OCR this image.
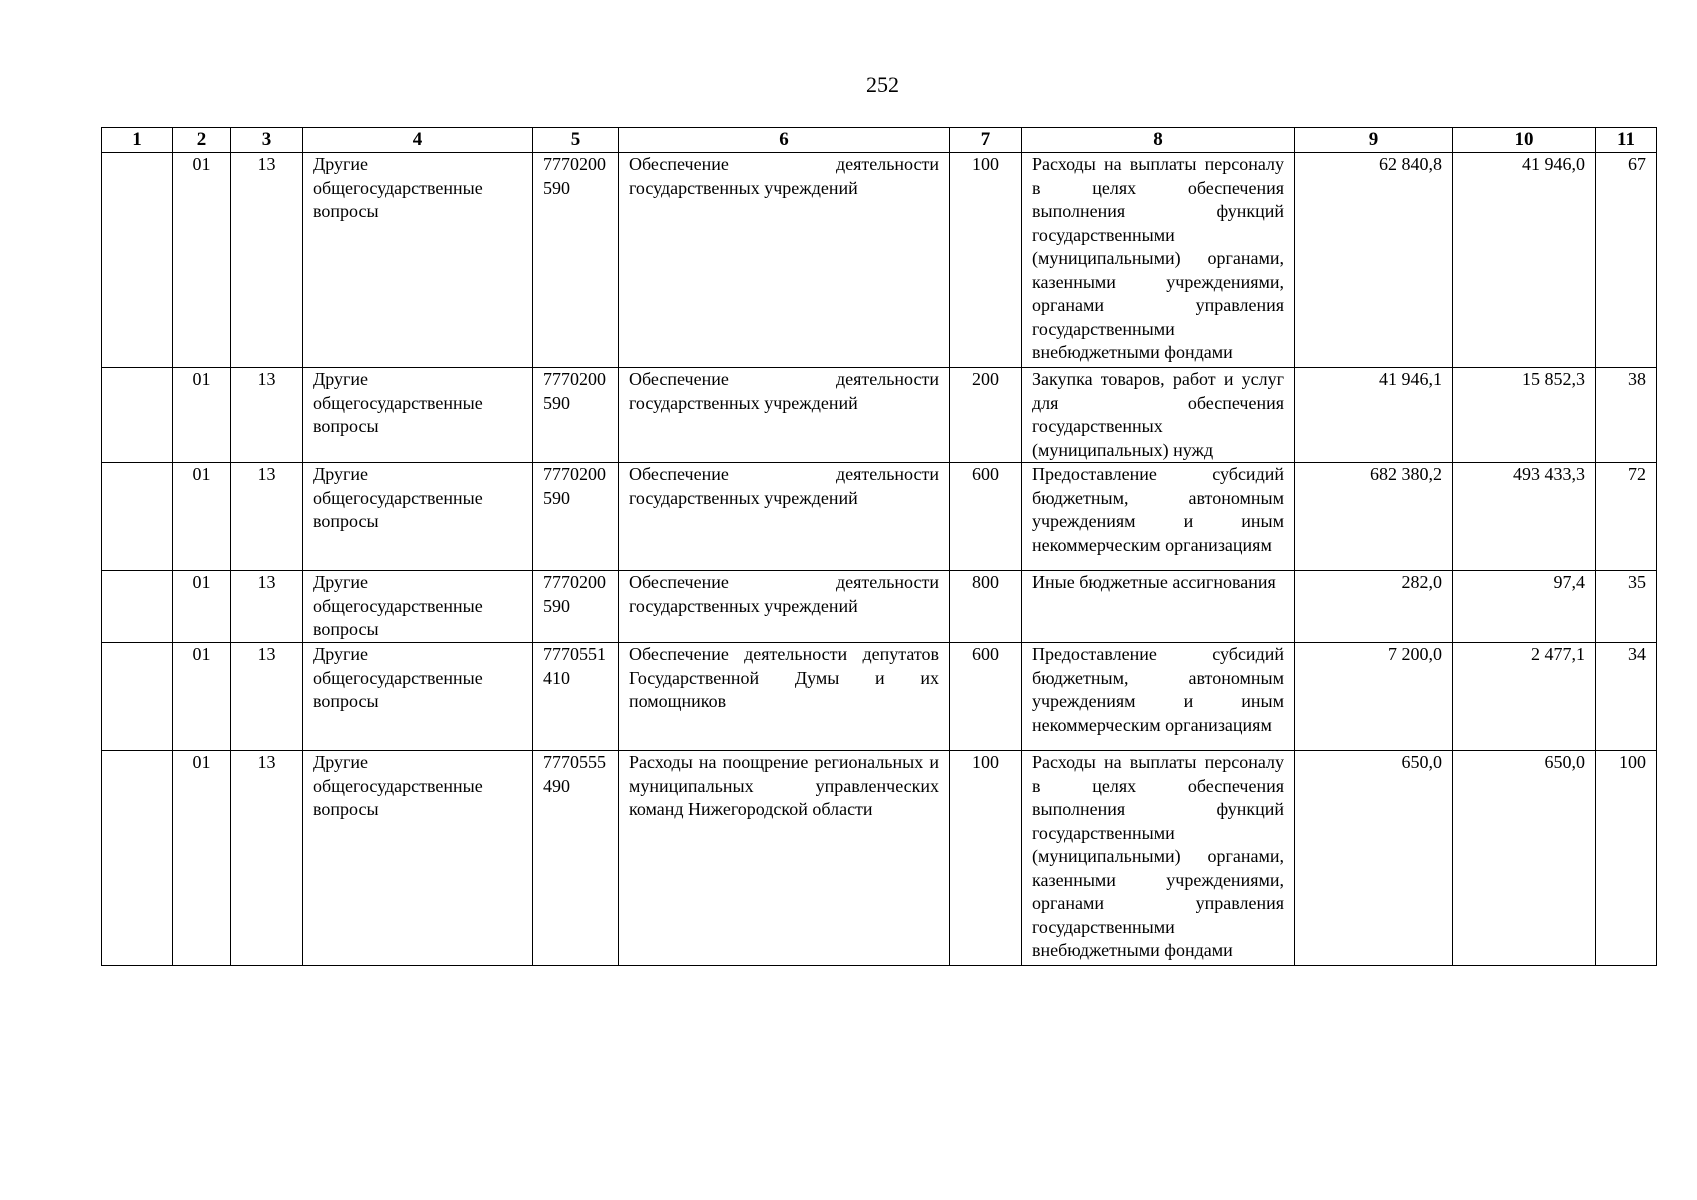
252
1	2	3	4	5	6	7	8	9	10	11
	01	13	Другие общегосударственные вопросы	7770200590	Обеспечение деятельности государственных учреждений	100	Расходы на выплаты персоналу в целях обеспечения выполнения функций государственными (муниципальными) органами, казенными учреждениями, органами управления государственными внебюджетными фондами	62 840,8	41 946,0	67
	01	13	Другие общегосударственные вопросы	7770200590	Обеспечение деятельности государственных учреждений	200	Закупка товаров, работ и услуг для обеспечения государственных (муниципальных) нужд	41 946,1	15 852,3	38
	01	13	Другие общегосударственные вопросы	7770200590	Обеспечение деятельности государственных учреждений	600	Предоставление субсидий бюджетным, автономным учреждениям и иным некоммерческим организациям	682 380,2	493 433,3	72
	01	13	Другие общегосударственные вопросы	7770200590	Обеспечение деятельности государственных учреждений	800	Иные бюджетные ассигнования	282,0	97,4	35
	01	13	Другие общегосударственные вопросы	7770551410	Обеспечение деятельности депутатов Государственной Думы и их помощников	600	Предоставление субсидий бюджетным, автономным учреждениям и иным некоммерческим организациям	7 200,0	2 477,1	34
	01	13	Другие общегосударственные вопросы	7770555490	Расходы на поощрение региональных и муниципальных управленческих команд Нижегородской области	100	Расходы на выплаты персоналу в целях обеспечения выполнения функций государственными (муниципальными) органами, казенными учреждениями, органами управления государственными внебюджетными фондами	650,0	650,0	100
